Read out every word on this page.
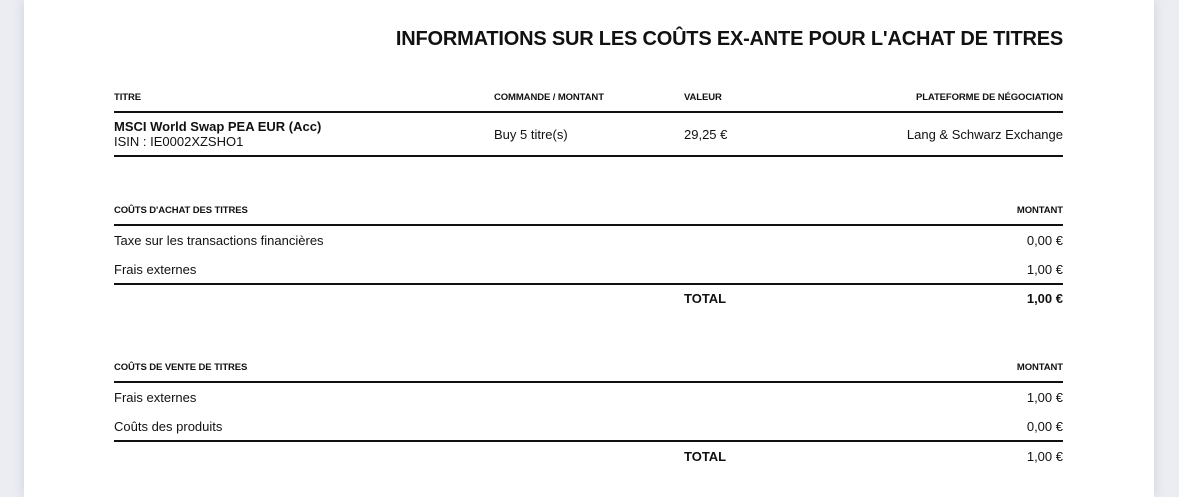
INFORMATIONS SUR LES COÛTS EX-ANTE POUR L'ACHAT DE TITRES
TITRE	COMMANDE / MONTANT	VALEUR	PLATEFORME DE NÉGOCIATION
MSCI World Swap PEA EUR (Acc)
ISIN : IE0002XZSHO1	Buy 5 titre(s)	29,25 €	Lang & Schwarz Exchange
COÛTS D'ACHAT DES TITRES	MONTANT
Taxe sur les transactions financières	0,00 €
Frais externes	1,00 €
TOTAL	1,00 €
COÛTS DE VENTE DE TITRES	MONTANT
Frais externes	1,00 €
Coûts des produits	0,00 €
TOTAL	1,00 €
